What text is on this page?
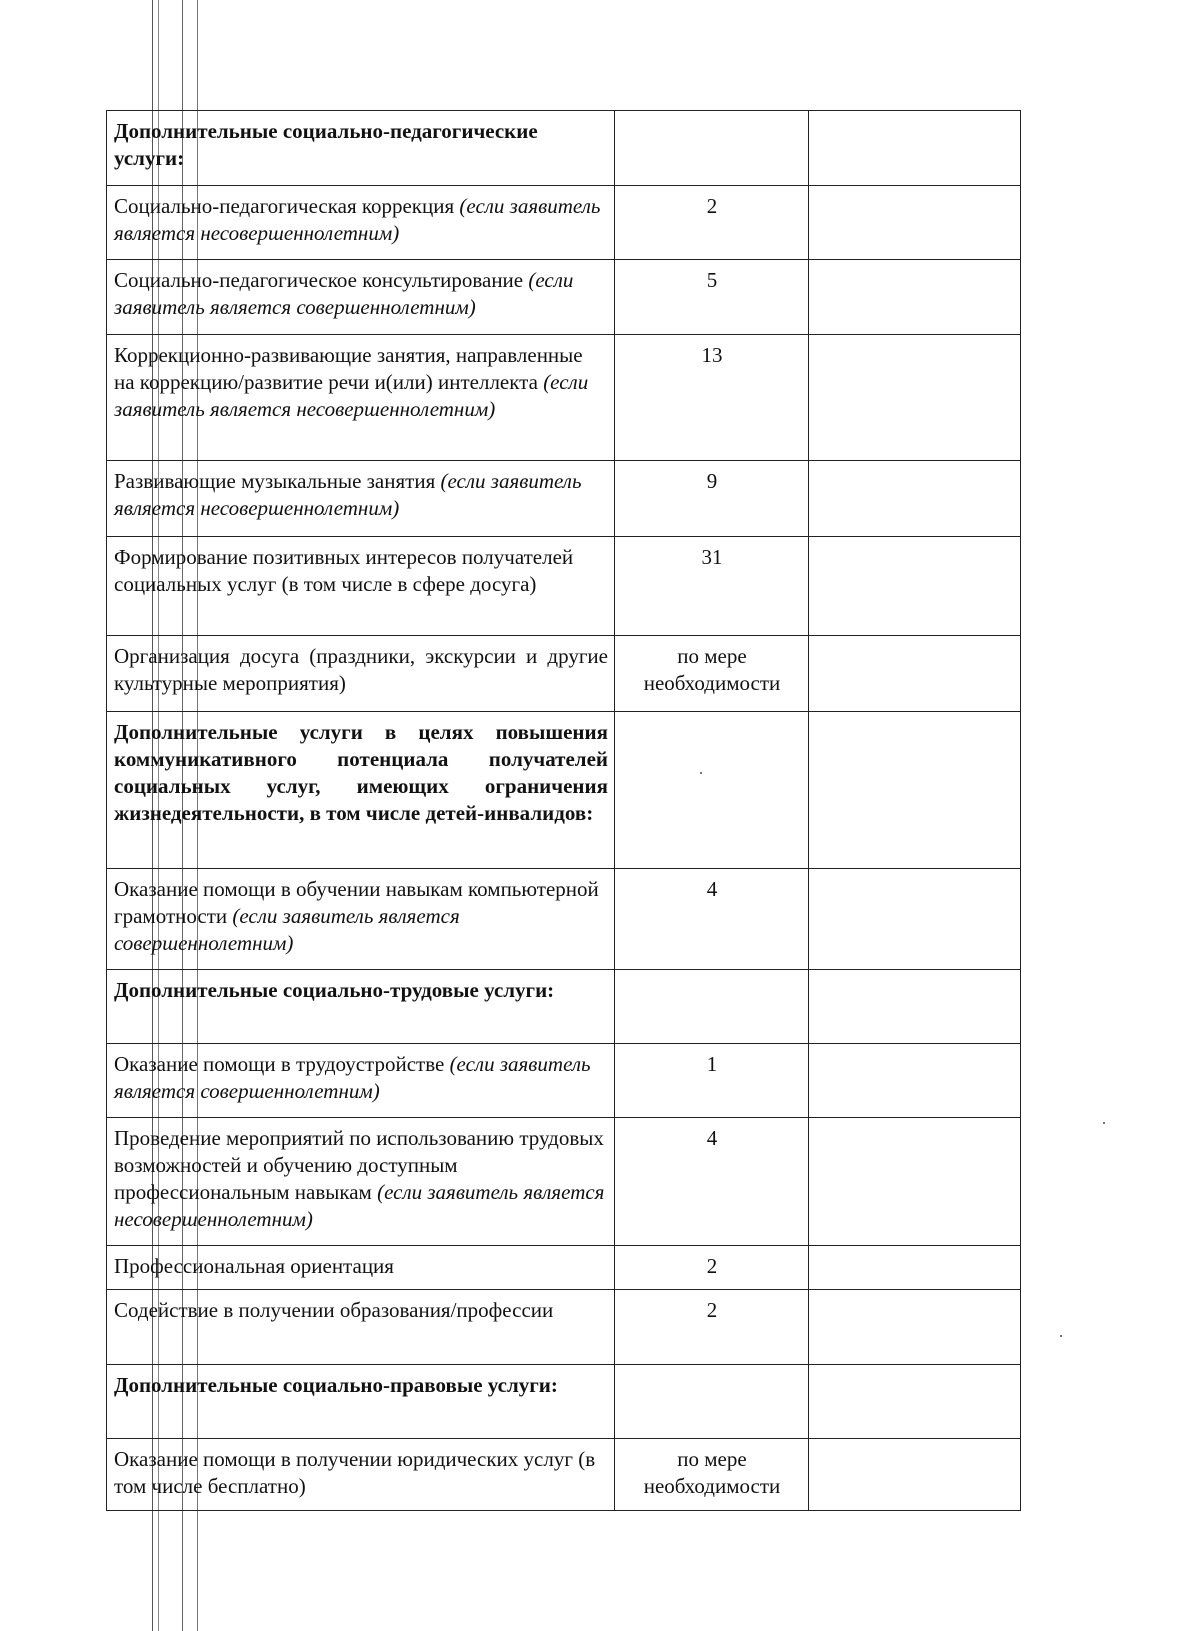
Дополнительные социально-педагогические услуги:		
Социально-педагогическая коррекция (если заявитель является несовершеннолетним)	2	
Социально-педагогическое консультирование (если заявитель является совершеннолетним)	5	
Коррекционно-развивающие занятия, направленные на коррекцию/развитие речи и(или) интеллекта (если заявитель является несовершеннолетним)	13	
Развивающие музыкальные занятия (если заявитель является несовершеннолетним)	9	
Формирование позитивных интересов получателей социальных услуг (в том числе в сфере досуга)	31	
Организация досуга (праздники, экскурсии и другие культурные мероприятия)	по мере необходимости	
Дополнительные услуги в целях повышения коммуникативного потенциала получателей социальных услуг, имеющих ограничения жизнедеятельности, в том числе детей-инвалидов:		
Оказание помощи в обучении навыкам компьютерной грамотности (если заявитель является совершеннолетним)	4	
Дополнительные социально-трудовые услуги:		
Оказание помощи в трудоустройстве (если заявитель является совершеннолетним)	1	
Проведение мероприятий по использованию трудовых возможностей и обучению доступным профессиональным навыкам (если заявитель является несовершеннолетним)	4	
Профессиональная ориентация	2	
Содействие в получении образования/профессии	2	
Дополнительные социально-правовые услуги:		
Оказание помощи в получении юридических услуг (в том числе бесплатно)	по мере необходимости	
